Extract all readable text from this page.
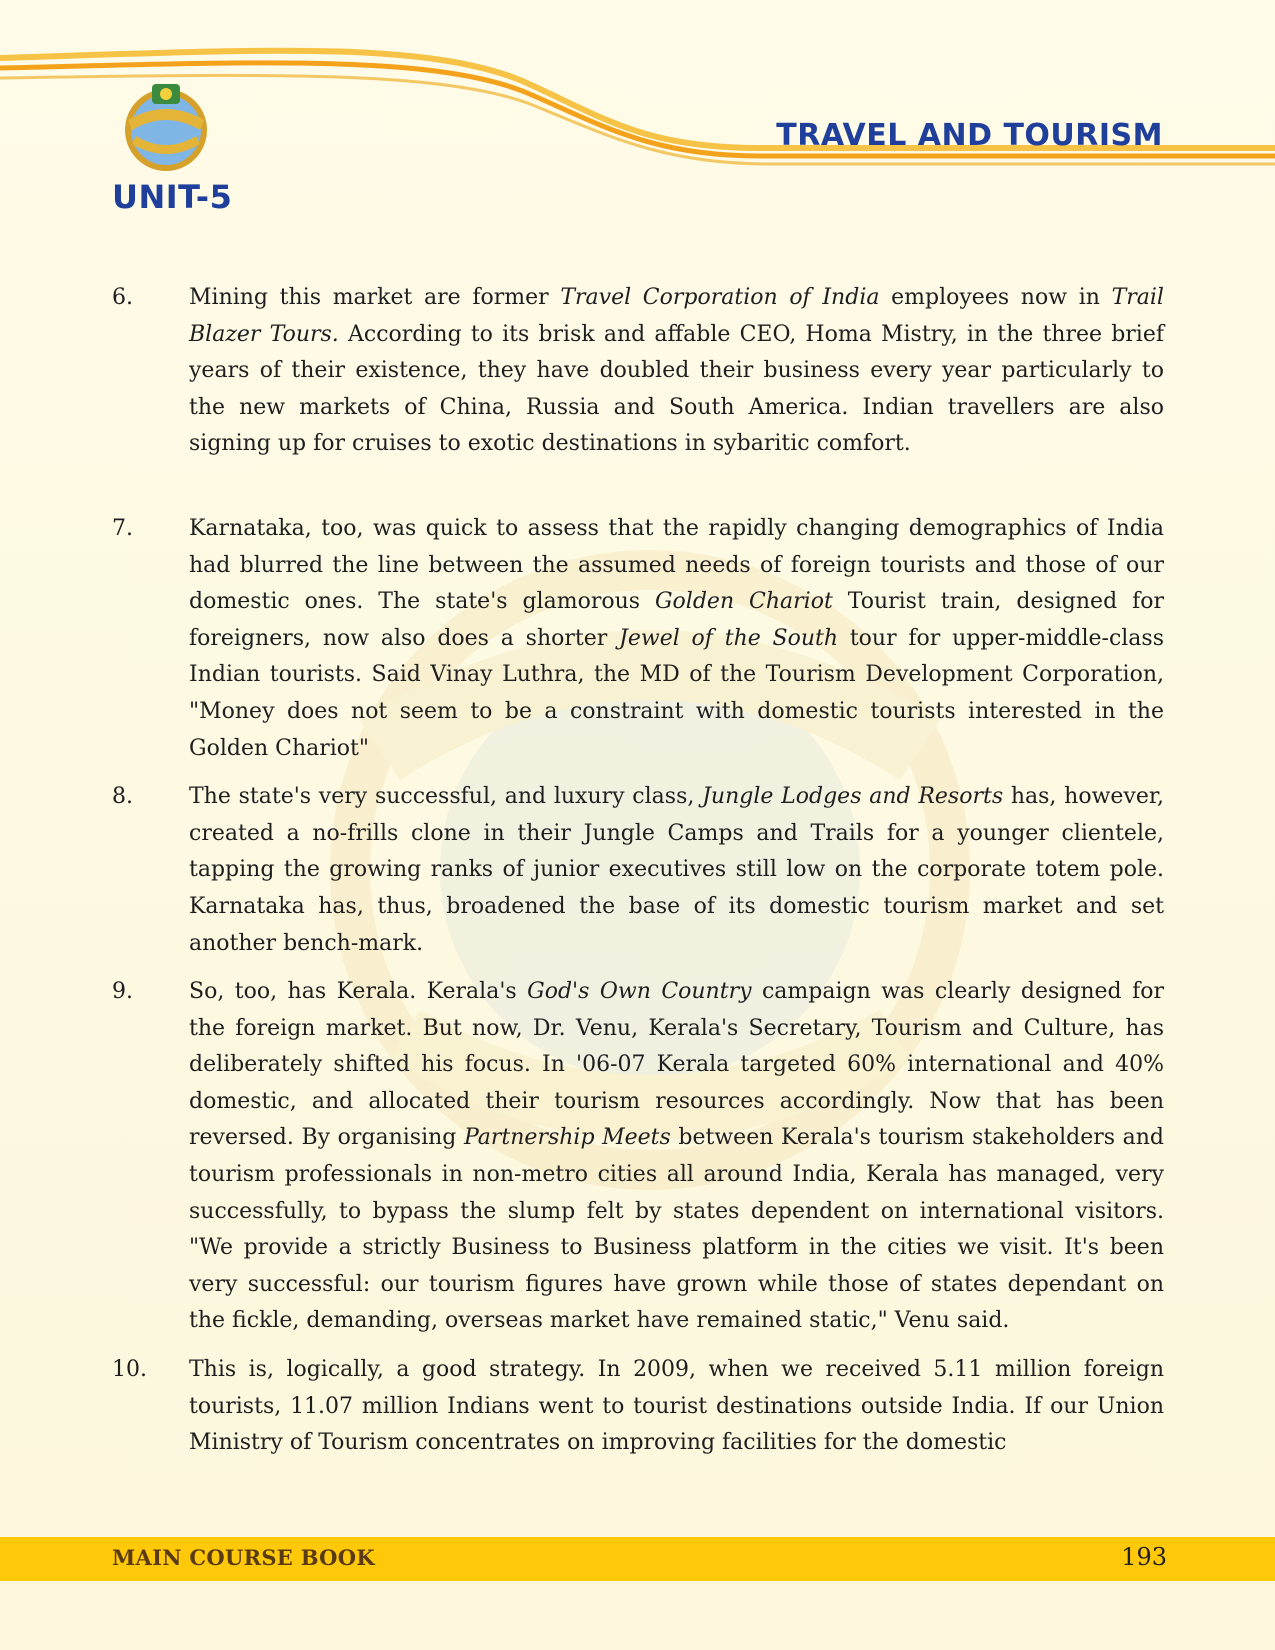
UNIT-5
TRAVEL AND TOURISM
6.	Mining this market are former Travel Corporation of India employees now in Trail Blazer Tours. According to its brisk and affable CEO, Homa Mistry, in the three brief years of their existence, they have doubled their business every year particularly to the new markets of China, Russia and South America. Indian travellers are also signing up for cruises to exotic destinations in sybaritic comfort.

7.	Karnataka, too, was quick to assess that the rapidly changing demographics of India had blurred the line between the assumed needs of foreign tourists and those of our domestic ones. The state's glamorous Golden Chariot Tourist train, designed for foreigners, now also does a shorter Jewel of the South tour for upper-middle-class Indian tourists. Said Vinay Luthra, the MD of the Tourism Development Corporation, "Money does not seem to be a constraint with domestic tourists interested in the Golden Chariot"

8.	The state's very successful, and luxury class, Jungle Lodges and Resorts has, however, created a no-frills clone in their Jungle Camps and Trails for a younger clientele, tapping the growing ranks of junior executives still low on the corporate totem pole. Karnataka has, thus, broadened the base of its domestic tourism market and set another bench-mark.

9.	So, too, has Kerala. Kerala's God's Own Country campaign was clearly designed for the foreign market. But now, Dr. Venu, Kerala's Secretary, Tourism and Culture, has deliberately shifted his focus. In '06-07 Kerala targeted 60% international and 40% domestic, and allocated their tourism resources accordingly. Now that has been reversed. By organising Partnership Meets between Kerala's tourism stakeholders and tourism professionals in non-metro cities all around India, Kerala has managed, very successfully, to bypass the slump felt by states dependent on international visitors. "We provide a strictly Business to Business platform in the cities we visit. It's been very successful: our tourism figures have grown while those of states dependant on the fickle, demanding, overseas market have remained static," Venu said.

10. This is, logically, a good strategy. In 2009, when we received 5.11 million foreign tourists, 11.07 million Indians went to tourist destinations outside India. If our Union Ministry of Tourism concentrates on improving facilities for the domestic

MAIN COURSE BOOK	193
